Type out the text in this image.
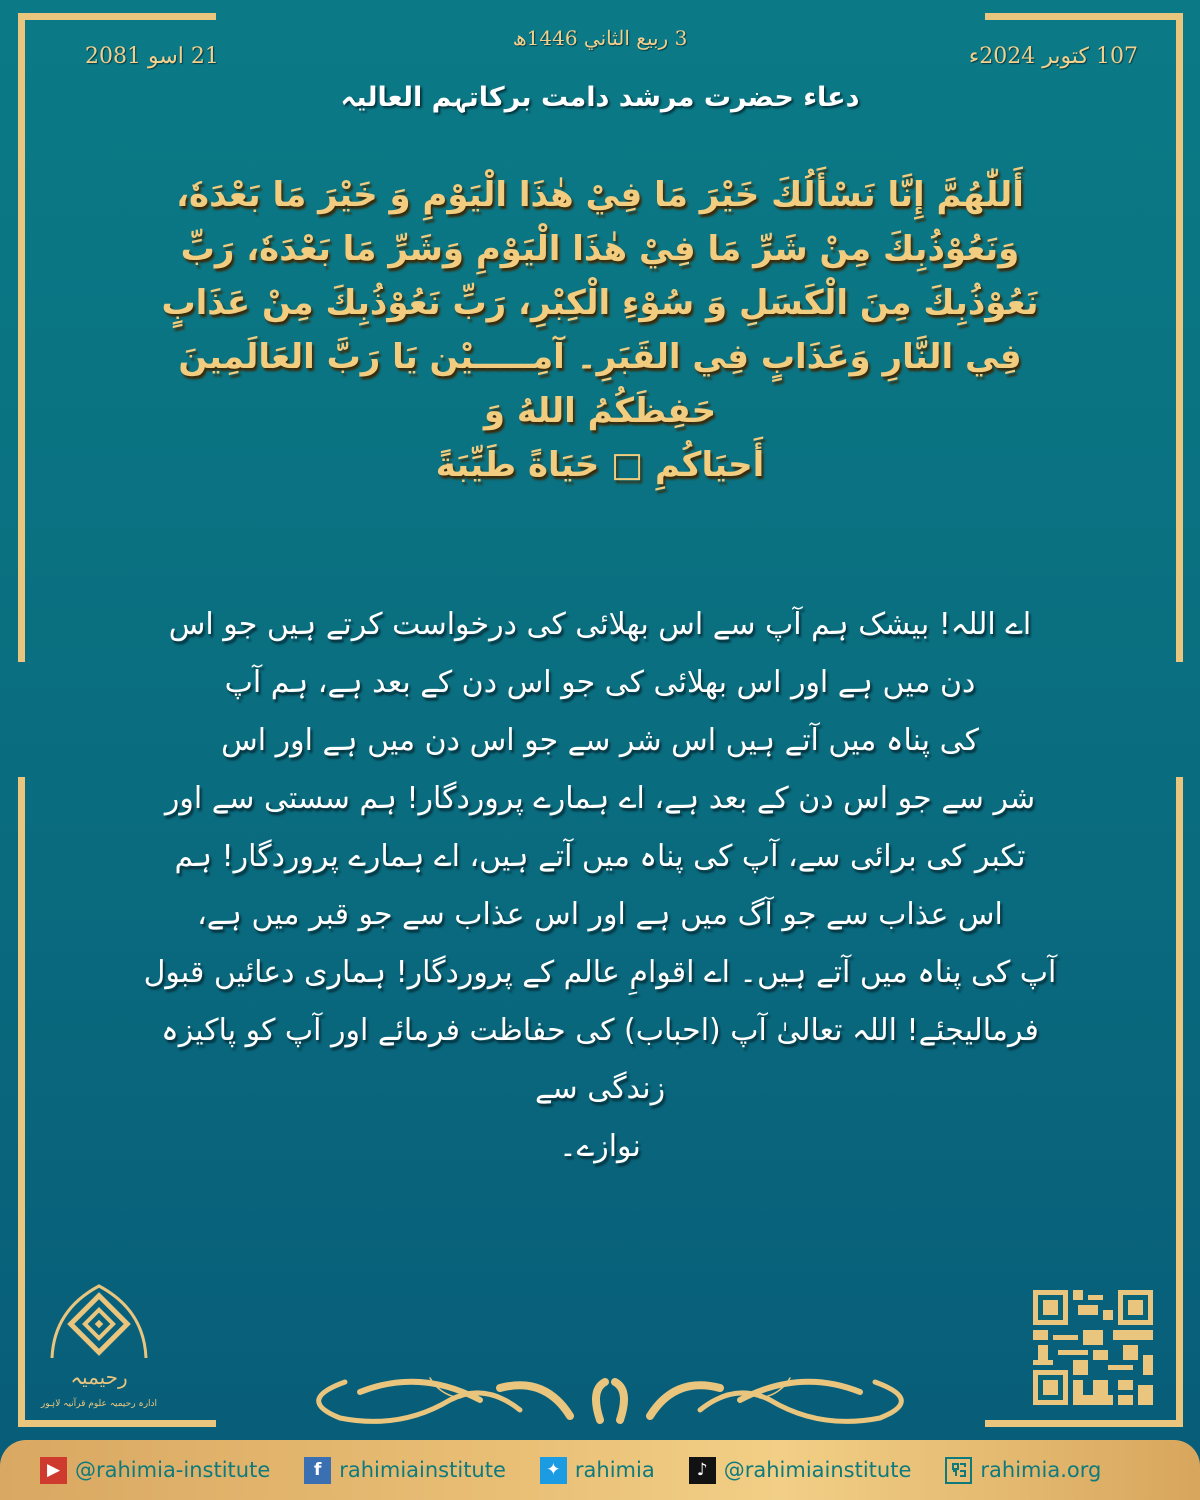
3 ربيع الثاني 1446ھ
107 کتوبر 2024ء
21 اسو 2081
دعاء حضرت مرشد دامت برکاتہم العالیہ
أَللّٰهُمَّ إِنَّا نَسْأَلُكَ خَيْرَ مَا فِيْ هٰذَا الْيَوْمِ وَ خَيْرَ مَا بَعْدَهٗ،
وَنَعُوْذُبِكَ مِنْ شَرِّ مَا فِيْ هٰذَا الْيَوْمِ وَشَرِّ مَا بَعْدَهٗ، رَبِّ
نَعُوْذُبِكَ مِنَ الْكَسَلِ وَ سُوْءِ الْكِبْرِ، رَبِّ نَعُوْذُبِكَ مِنْ عَذَابٍ
فِي النَّارِ وَعَذَابٍ فِي القَبَرِ۔ آمِـــــيْن يَا رَبَّ العَالَمِينَ حَفِظَكُمُ اللهُ وَ
أَحيَاكُمِ □ حَيَاةً طَيِّبَةً
اے اللہ! بیشک ہم آپ سے اس بھلائی کی درخواست کرتے ہیں جو اس
دن میں ہے اور اس بھلائی کی جو اس دن کے بعد ہے، ہم آپ
کی پناہ میں آتے ہیں اس شر سے جو اس دن میں ہے اور اس
شر سے جو اس دن کے بعد ہے، اے ہمارے پروردگار! ہم سستی سے اور
تکبر کی برائی سے، آپ کی پناہ میں آتے ہیں، اے ہمارے پروردگار! ہم
اس عذاب سے جو آگ میں ہے اور اس عذاب سے جو قبر میں ہے،
آپ کی پناہ میں آتے ہیں۔ اے اقوامِ عالم کے پروردگار! ہماری دعائیں قبول
فرمالیجئے! اللہ تعالیٰ آپ (احباب) کی حفاظت فرمائے اور آپ کو پاکیزہ زندگی سے
نوازے۔
رحیمیہ
ادارہ رحیمیہ علوم قرآنیہ لاہور
▶ @rahimia-institute	f rahimiainstitute	✦ rahimia	♪ @rahimiainstitute	rahimia.org
